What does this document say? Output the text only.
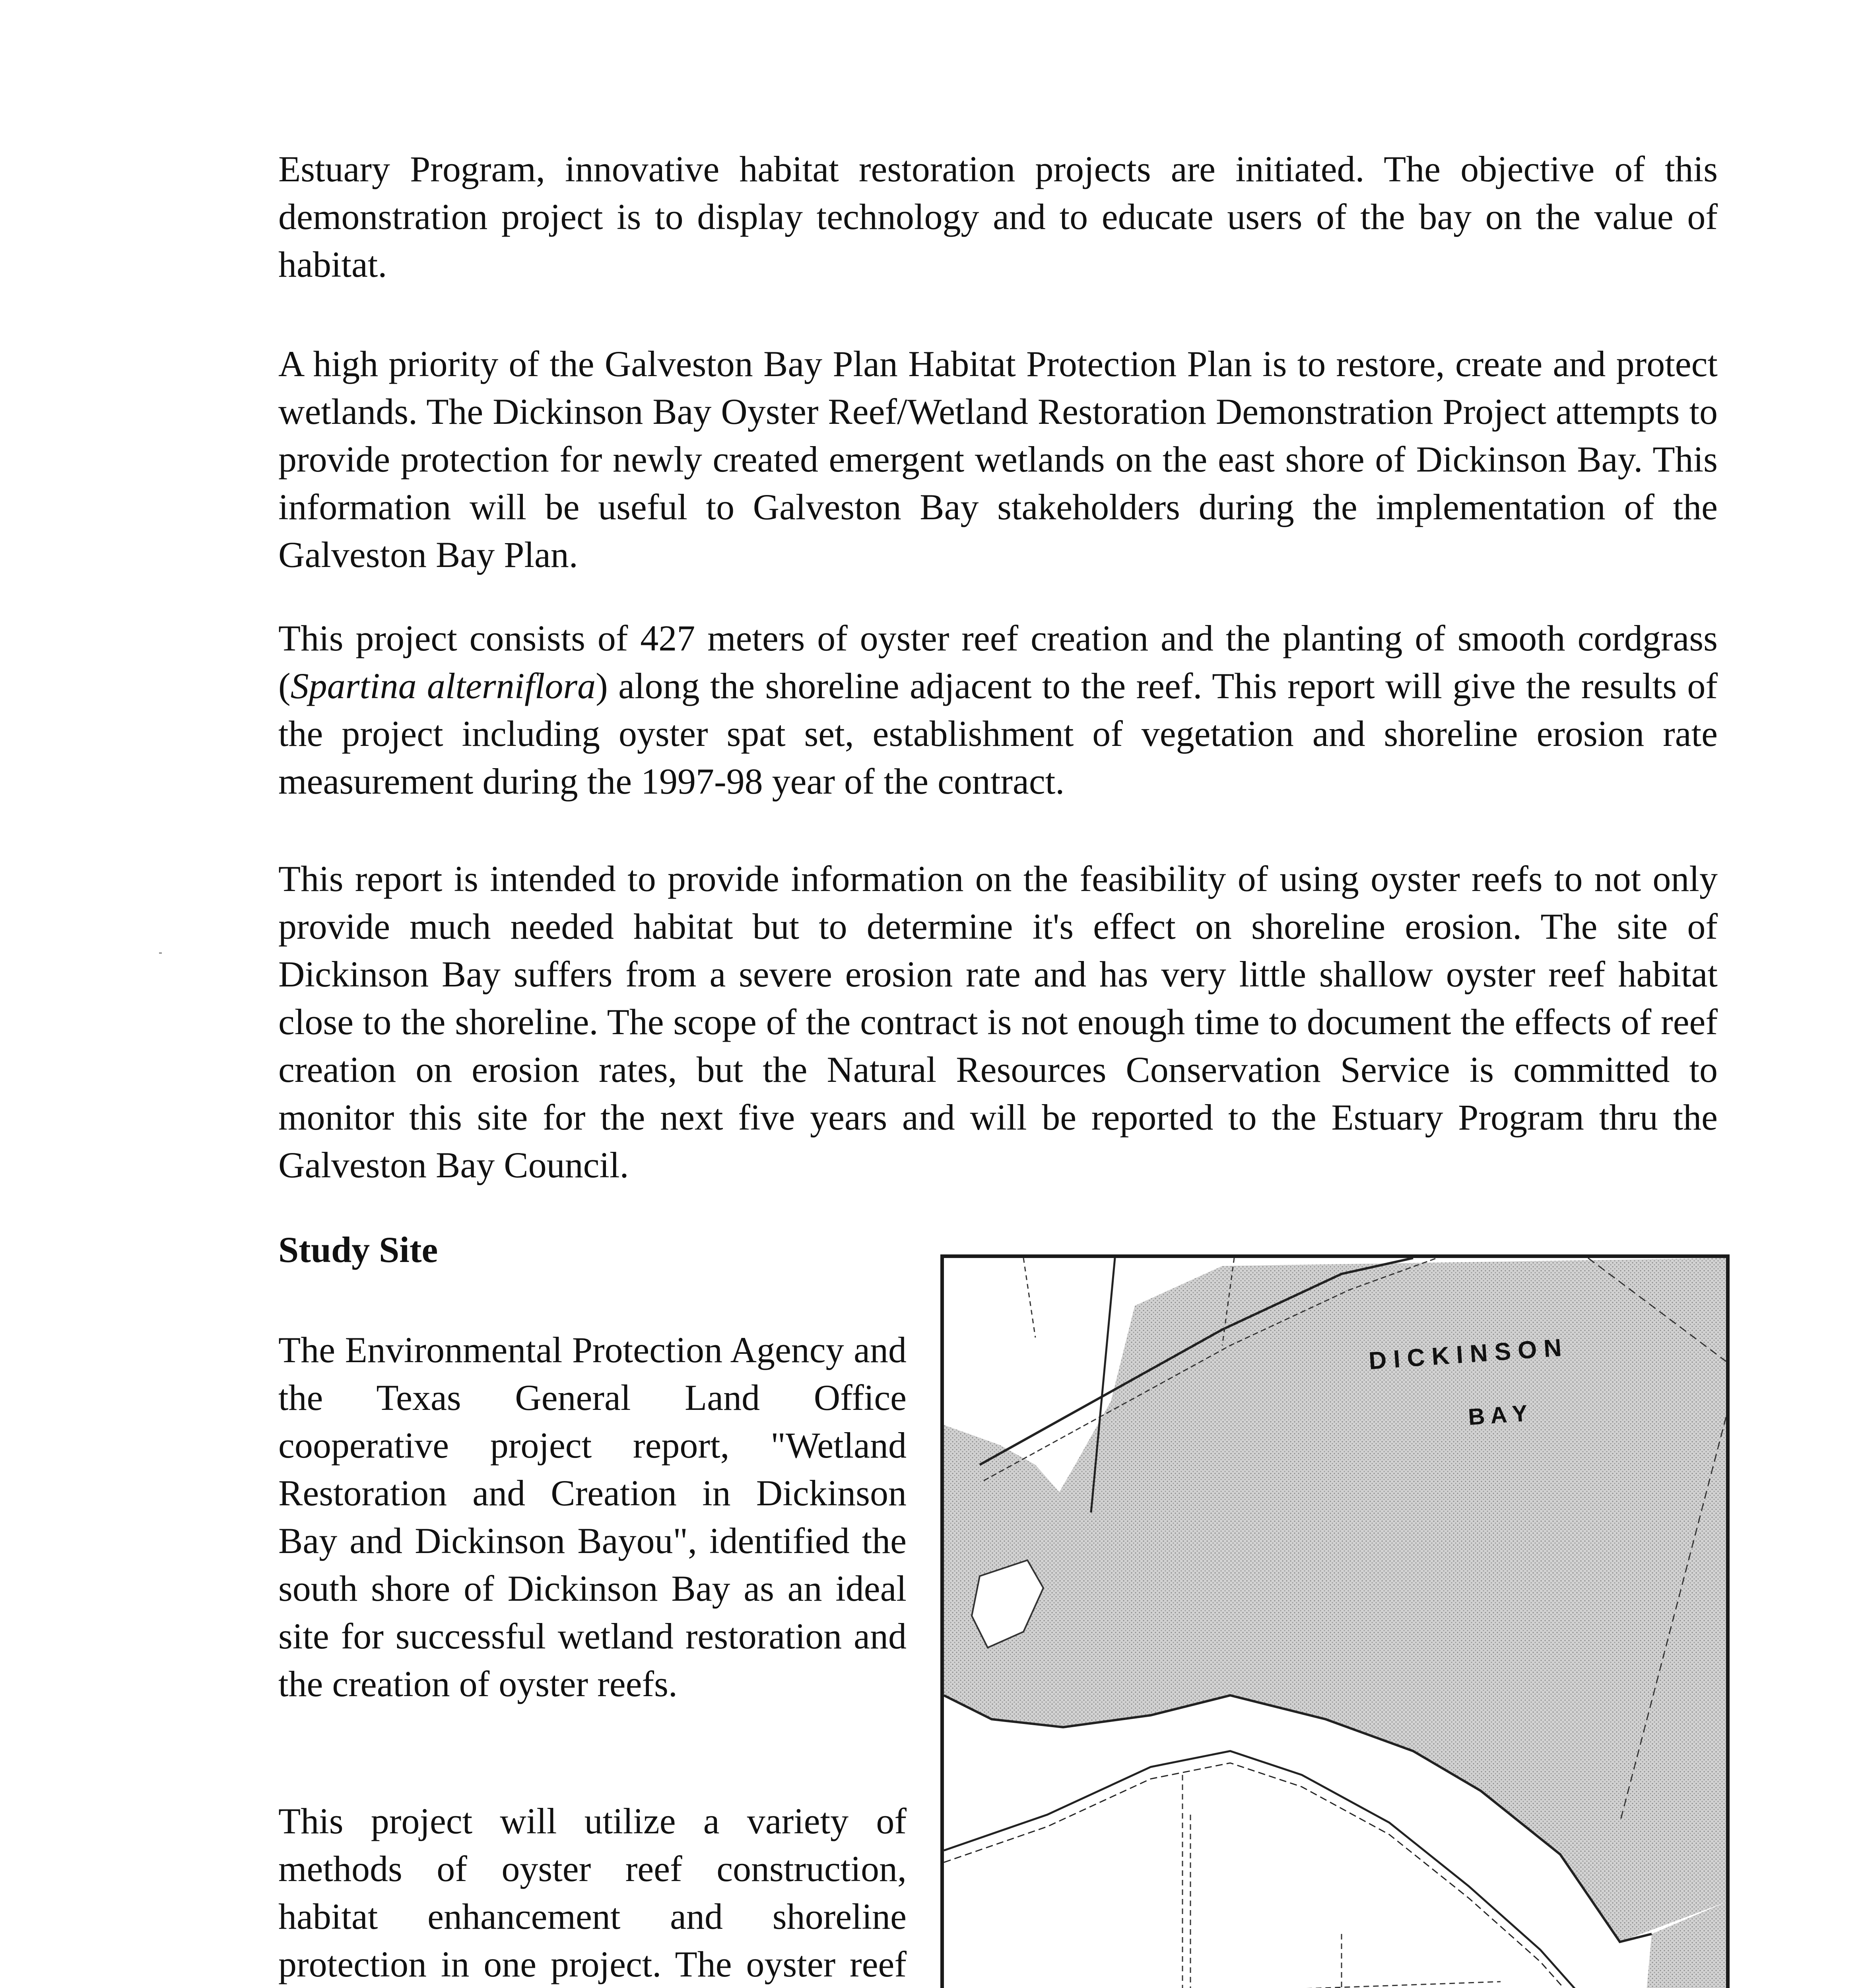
Estuary Program, innovative habitat restoration projects are initiated. The objective of this demonstration project is to display technology and to educate users of the bay on the value of habitat.

A high priority of the Galveston Bay Plan Habitat Protection Plan is to restore, create and protect wetlands. The Dickinson Bay Oyster Reef/Wetland Restoration Demonstration Project attempts to provide protection for newly created emergent wetlands on the east shore of Dickinson Bay. This information will be useful to Galveston Bay stakeholders during the implementation of the Galveston Bay Plan.

This project consists of 427 meters of oyster reef creation and the planting of smooth cordgrass (Spartina alterniflora) along the shoreline adjacent to the reef. This report will give the results of the project including oyster spat set, establishment of vegetation and shoreline erosion rate measurement during the 1997-98 year of the contract.

This report is intended to provide information on the feasibility of using oyster reefs to not only provide much needed habitat but to determine it's effect on shoreline erosion. The site of Dickinson Bay suffers from a severe erosion rate and has very little shallow oyster reef habitat close to the shoreline. The scope of the contract is not enough time to document the effects of reef creation on erosion rates, but the Natural Resources Conservation Service is committed to monitor this site for the next five years and will be reported to the Estuary Program thru the Galveston Bay Council.

Study Site

The Environmental Protection Agency and the Texas General Land Office cooperative project report, "Wetland Restoration and Creation in Dickinson Bay and Dickinson Bayou", identified the south shore of Dickinson Bay as an ideal site for successful wetland restoration and the creation of oyster reefs.

This project will utilize a variety of methods of oyster reef construction, habitat enhancement and shoreline protection in one project. The oyster reef

D I C K I N S O N
B A Y
